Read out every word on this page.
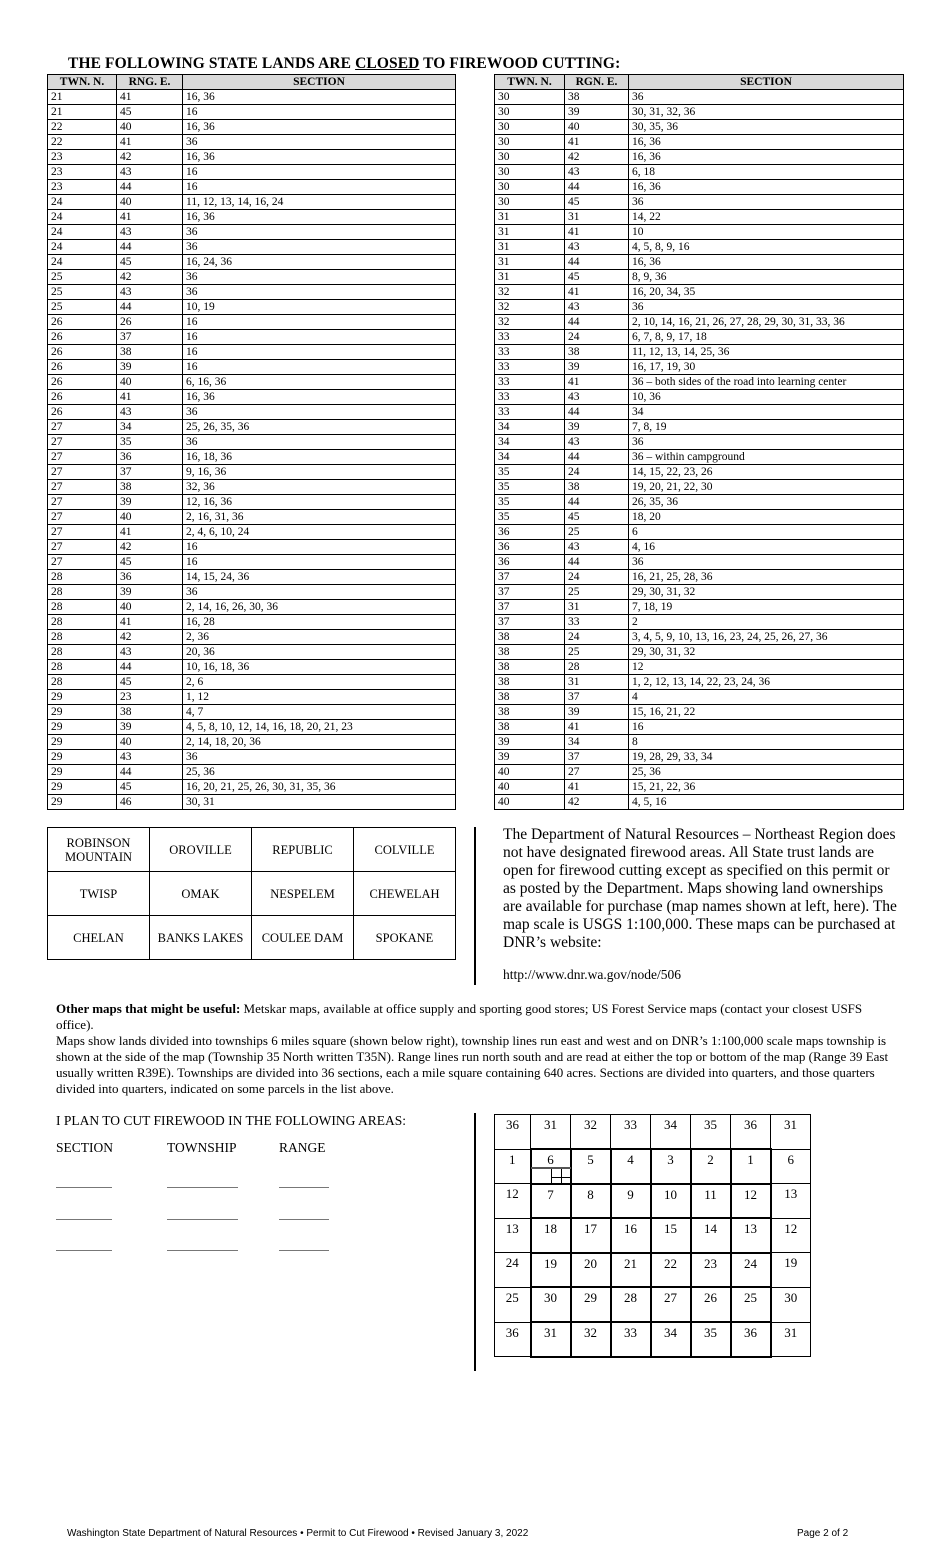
THE FOLLOWING STATE LANDS ARE CLOSED TO FIREWOOD CUTTING:
TWN. N.	RNG. E.	SECTION
21	41	16, 36
21	45	16
22	40	16, 36
22	41	36
23	42	16, 36
23	43	16
23	44	16
24	40	11, 12, 13, 14, 16, 24
24	41	16, 36
24	43	36
24	44	36
24	45	16, 24, 36
25	42	36
25	43	36
25	44	10, 19
26	26	16
26	37	16
26	38	16
26	39	16
26	40	6, 16, 36
26	41	16, 36
26	43	36
27	34	25, 26, 35, 36
27	35	36
27	36	16, 18, 36
27	37	9, 16, 36
27	38	32, 36
27	39	12, 16, 36
27	40	2, 16, 31, 36
27	41	2, 4, 6, 10, 24
27	42	16
27	45	16
28	36	14, 15, 24, 36
28	39	36
28	40	2, 14, 16, 26, 30, 36
28	41	16, 28
28	42	2, 36
28	43	20, 36
28	44	10, 16, 18, 36
28	45	2, 6
29	23	1, 12
29	38	4, 7
29	39	4, 5, 8, 10, 12, 14, 16, 18, 20, 21, 23
29	40	2, 14, 18, 20, 36
29	43	36
29	44	25, 36
29	45	16, 20, 21, 25, 26, 30, 31, 35, 36
29	46	30, 31
TWN. N.	RGN. E.	SECTION
30	38	36
30	39	30, 31, 32, 36
30	40	30, 35, 36
30	41	16, 36
30	42	16, 36
30	43	6, 18
30	44	16, 36
30	45	36
31	31	14, 22
31	41	10
31	43	4, 5, 8, 9, 16
31	44	16, 36
31	45	8, 9, 36
32	41	16, 20, 34, 35
32	43	36
32	44	2, 10, 14, 16, 21, 26, 27, 28, 29, 30, 31, 33, 36
33	24	6, 7, 8, 9, 17, 18
33	38	11, 12, 13, 14, 25, 36
33	39	16, 17, 19, 30
33	41	36 – both sides of the road into learning center
33	43	10, 36
33	44	34
34	39	7, 8, 19
34	43	36
34	44	36 – within campground
35	24	14, 15, 22, 23, 26
35	38	19, 20, 21, 22, 30
35	44	26, 35, 36
35	45	18, 20
36	25	6
36	43	4, 16
36	44	36
37	24	16, 21, 25, 28, 36
37	25	29, 30, 31, 32
37	31	7, 18, 19
37	33	2
38	24	3, 4, 5, 9, 10, 13, 16, 23, 24, 25, 26, 27, 36
38	25	29, 30, 31, 32
38	28	12
38	31	1, 2, 12, 13, 14, 22, 23, 24, 36
38	37	4
38	39	15, 16, 21, 22
38	41	16
39	34	8
39	37	19, 28, 29, 33, 34
40	27	25, 36
40	41	15, 21, 22, 36
40	42	4, 5, 16
ROBINSON MOUNTAIN	OROVILLE	REPUBLIC	COLVILLE
TWISP	OMAK	NESPELEM	CHEWELAH
CHELAN	BANKS LAKES	COULEE DAM	SPOKANE
The Department of Natural Resources – Northeast Region does not have designated firewood areas. All State trust lands are open for firewood cutting except as specified on this permit or as posted by the Department. Maps showing land ownerships are available for purchase (map names shown at left, here). The map scale is USGS 1:100,000. These maps can be purchased at DNR’s website:
http://www.dnr.wa.gov/node/506
Other maps that might be useful: Metskar maps, available at office supply and sporting good stores; US Forest Service maps (contact your closest USFS office).
Maps show lands divided into townships 6 miles square (shown below right), township lines run east and west and on DNR’s 1:100,000 scale maps township is shown at the side of the map (Township 35 North written T35N). Range lines run north south and are read at either the top or bottom of the map (Range 39 East usually written R39E). Townships are divided into 36 sections, each a mile square containing 640 acres. Sections are divided into quarters, and those quarters divided into quarters, indicated on some parcels in the list above.
I PLAN TO CUT FIREWOOD IN THE FOLLOWING AREAS:
SECTION	TOWNSHIP	RANGE
36	31	32	33	34	35	36	31
1	6	5	4	3	2	1	6
12	7	8	9	10	11	12	13
13	18	17	16	15	14	13	12
24	19	20	21	22	23	24	19
25	30	29	28	27	26	25	30
36	31	32	33	34	35	36	31
Washington State Department of Natural Resources • Permit to Cut Firewood • Revised January 3, 2022	Page 2 of 2
